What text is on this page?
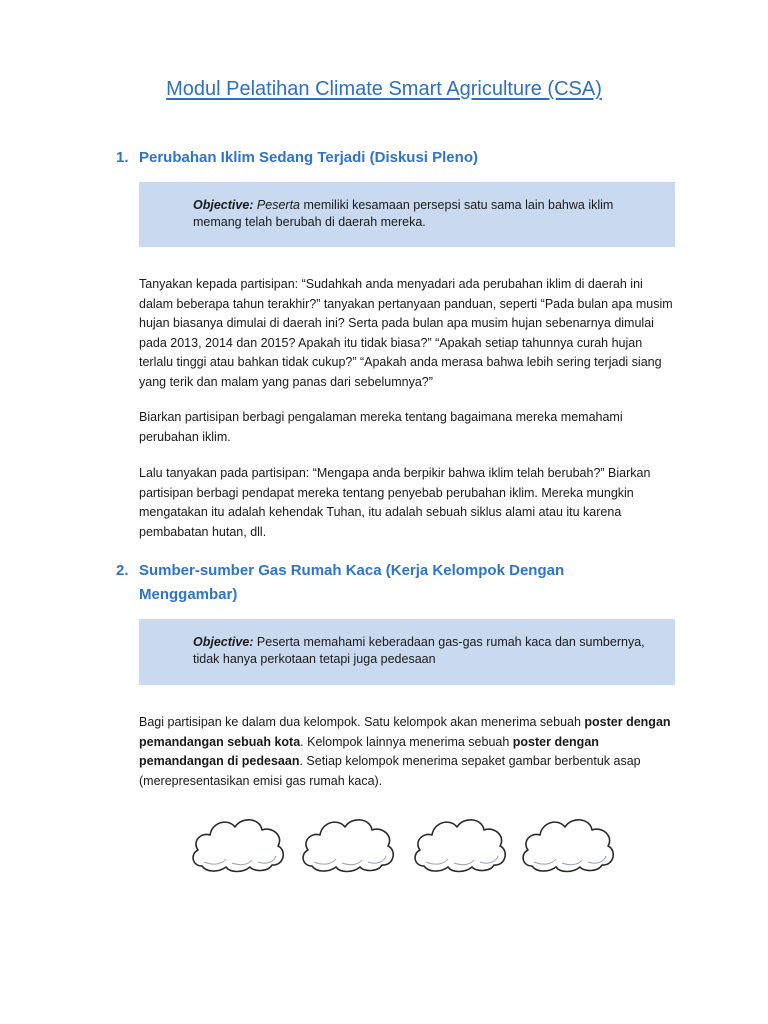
Modul Pelatihan Climate Smart Agriculture (CSA)
1. Perubahan Iklim Sedang Terjadi (Diskusi Pleno)
Objective: Peserta memiliki kesamaan persepsi satu sama lain bahwa iklim memang telah berubah di daerah mereka.
Tanyakan kepada partisipan: “Sudahkah anda menyadari ada perubahan iklim di daerah ini dalam beberapa tahun terakhir?” tanyakan pertanyaan panduan, seperti “Pada bulan apa musim hujan biasanya dimulai di daerah ini? Serta pada bulan apa musim hujan sebenarnya dimulai pada 2013, 2014 dan 2015? Apakah itu tidak biasa?” “Apakah setiap tahunnya curah hujan terlalu tinggi atau bahkan tidak cukup?” “Apakah anda merasa bahwa lebih sering terjadi siang yang terik dan malam yang panas dari sebelumnya?”
Biarkan partisipan berbagi pengalaman mereka tentang bagaimana mereka memahami perubahan iklim.
Lalu tanyakan pada partisipan: “Mengapa anda berpikir bahwa iklim telah berubah?” Biarkan partisipan berbagi pendapat mereka tentang penyebab perubahan iklim. Mereka mungkin mengatakan itu adalah kehendak Tuhan, itu adalah sebuah siklus alami atau itu karena pembabatan hutan, dll.
2. Sumber-sumber Gas Rumah Kaca (Kerja Kelompok Dengan Menggambar)
Objective: Peserta memahami keberadaan gas-gas rumah kaca dan sumbernya, tidak hanya perkotaan tetapi juga pedesaan
Bagi partisipan ke dalam dua kelompok. Satu kelompok akan menerima sebuah poster dengan pemandangan sebuah kota. Kelompok lainnya menerima sebuah poster dengan pemandangan di pedesaan. Setiap kelompok menerima sepaket gambar berbentuk asap (merepresentasikan emisi gas rumah kaca).
